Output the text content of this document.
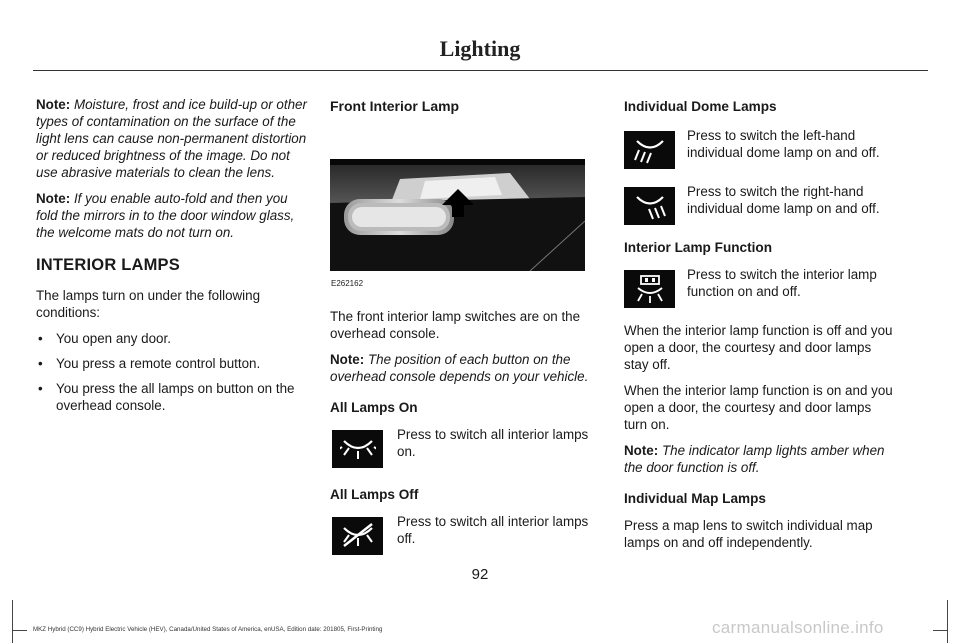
Lighting

Note: Moisture, frost and ice build-up or other types of contamination on the surface of the light lens can cause non-permanent distortion or reduced brightness of the image. Do not use abrasive materials to clean the lens.

Note: If you enable auto-fold and then you fold the mirrors in to the door window glass, the welcome mats do not turn on.

INTERIOR LAMPS

The lamps turn on under the following conditions:

• You open any door.
• You press a remote control button.
• You press the all lamps on button on the overhead console.
Front Interior Lamp
E262162

The front interior lamp switches are on the overhead console.

Note: The position of each button on the overhead console depends on your vehicle.

All Lamps On
Press to switch all interior lamps on.
All Lamps Off
Press to switch all interior lamps off.
Individual Dome Lamps
Press to switch the left-hand individual dome lamp on and off.
Press to switch the right-hand individual dome lamp on and off.
Interior Lamp Function
Press to switch the interior lamp function on and off.

When the interior lamp function is off and you open a door, the courtesy and door lamps stay off.

When the interior lamp function is on and you open a door, the courtesy and door lamps turn on.

Note: The indicator lamp lights amber when the door function is off.

Individual Map Lamps

Press a map lens to switch individual map lamps on and off independently.

92
MKZ Hybrid (CC9) Hybrid Electric Vehicle (HEV), Canada/United States of America, enUSA, Edition date: 201805, First-Printing	carmanualsonline.info
